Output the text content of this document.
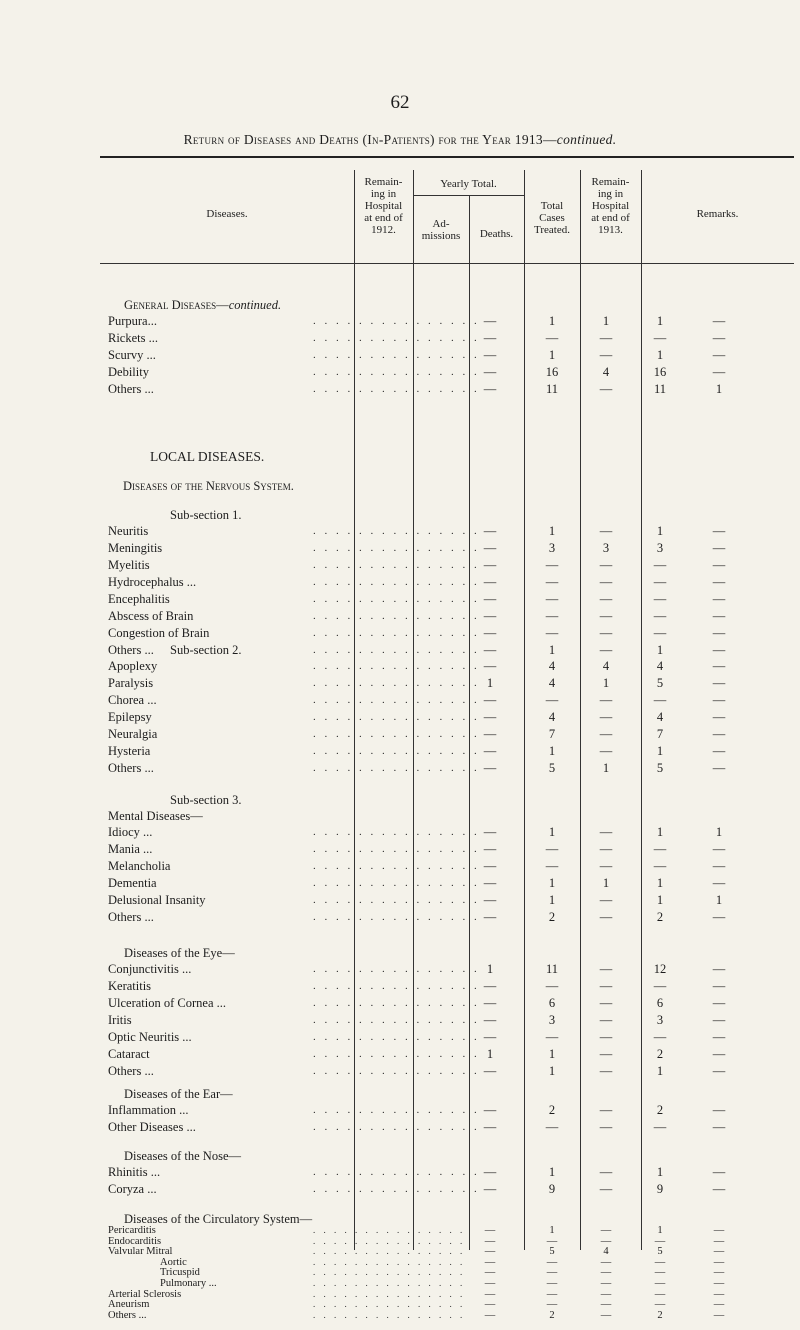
62
Return of Diseases and Deaths (In-Patients) for the Year 1913—continued.
Diseases.
Remain-
ing in
Hospital
at end of
1912.
Yearly Total.
Ad-
missions	Deaths.
Total
Cases
Treated.
Remain-
ing in
Hospital
at end of
1913.
Remarks.
General Diseases—continued.
LOCAL DISEASES.
Diseases of the Nervous System.
Sub-section 1.
Sub-section 2.
Sub-section 3.
Mental Diseases—
Diseases of the Eye—
Diseases of the Ear—
Diseases of the Nose—
Diseases of the Circulatory System—
Purpura...	. . . . . . . . . . . . . . . —	1	1	1	—
Rickets ...	. . . . . . . . . . . . . . . —	—	—	—	—
Scurvy ...	. . . . . . . . . . . . . . . —	1	—	1	—
Debility	. . . . . . . . . . . . . . . —	16	4	16	—
Others ...	. . . . . . . . . . . . . . . —	11	—	11	1
Neuritis	. . . . . . . . . . . . . . . —	1	—	1	—
Meningitis	. . . . . . . . . . . . . . . —	3	3	3	—
Myelitis	. . . . . . . . . . . . . . . —	—	—	—	—
Hydrocephalus ...	. . . . . . . . . . . . . . . —	—	—	—	—
Encephalitis	. . . . . . . . . . . . . . . —	—	—	—	—
Abscess of Brain	. . . . . . . . . . . . . . . —	—	—	—	—
Congestion of Brain	. . . . . . . . . . . . . . . —	—	—	—	—
Others ...	. . . . . . . . . . . . . . . —	1	—	1	—
Apoplexy	. . . . . . . . . . . . . . . —	4	4	4	—
Paralysis	. . . . . . . . . . . . . . . 1	4	1	5	—
Chorea ...	. . . . . . . . . . . . . . . —	—	—	—	—
Epilepsy	. . . . . . . . . . . . . . . —	4	—	4	—
Neuralgia	. . . . . . . . . . . . . . . —	7	—	7	—
Hysteria	. . . . . . . . . . . . . . . —	1	—	1	—
Others ...	. . . . . . . . . . . . . . . —	5	1	5	—
Idiocy ...	. . . . . . . . . . . . . . . —	1	—	1	1
Mania ...	. . . . . . . . . . . . . . . —	—	—	—	—
Melancholia	. . . . . . . . . . . . . . . —	—	—	—	—
Dementia	. . . . . . . . . . . . . . . —	1	1	1	—
Delusional Insanity	. . . . . . . . . . . . . . . —	1	—	1	1
Others ...	. . . . . . . . . . . . . . . —	2	—	2	—
Conjunctivitis ...	. . . . . . . . . . . . . . . 1	11	—	12	—
Keratitis	. . . . . . . . . . . . . . . —	—	—	—	—
Ulceration of Cornea ...	. . . . . . . . . . . . . . . —	6	—	6	—
Iritis	. . . . . . . . . . . . . . . —	3	—	3	—
Optic Neuritis ...	. . . . . . . . . . . . . . . —	—	—	—	—
Cataract	. . . . . . . . . . . . . . . 1	1	—	2	—
Others ...	. . . . . . . . . . . . . . . —	1	—	1	—
Inflammation ...	. . . . . . . . . . . . . . . —	2	—	2	—
Other Diseases ...	. . . . . . . . . . . . . . . —	—	—	—	—
Rhinitis ...	. . . . . . . . . . . . . . . —	1	—	1	—
Coryza ...	. . . . . . . . . . . . . . . —	9	—	9	—
Pericarditis	. . . . . . . . . . . . . . .	—	1	—	1	—
Endocarditis	. . . . . . . . . . . . . . .	—	—	—	—	—
Valvular Mitral	. . . . . . . . . . . . . . .	—	5	4	5	—
Aortic	. . . . . . . . . . . . . . .	—	—	—	—	—
Tricuspid	. . . . . . . . . . . . . . .	—	—	—	—	—
Pulmonary ...	. . . . . . . . . . . . . . .	—	—	—	—	—
Arterial Sclerosis	. . . . . . . . . . . . . . .	—	—	—	—	—
Aneurism	. . . . . . . . . . . . . . .	—	—	—	—	—
Others ...	. . . . . . . . . . . . . . .	—	2	—	2	—
